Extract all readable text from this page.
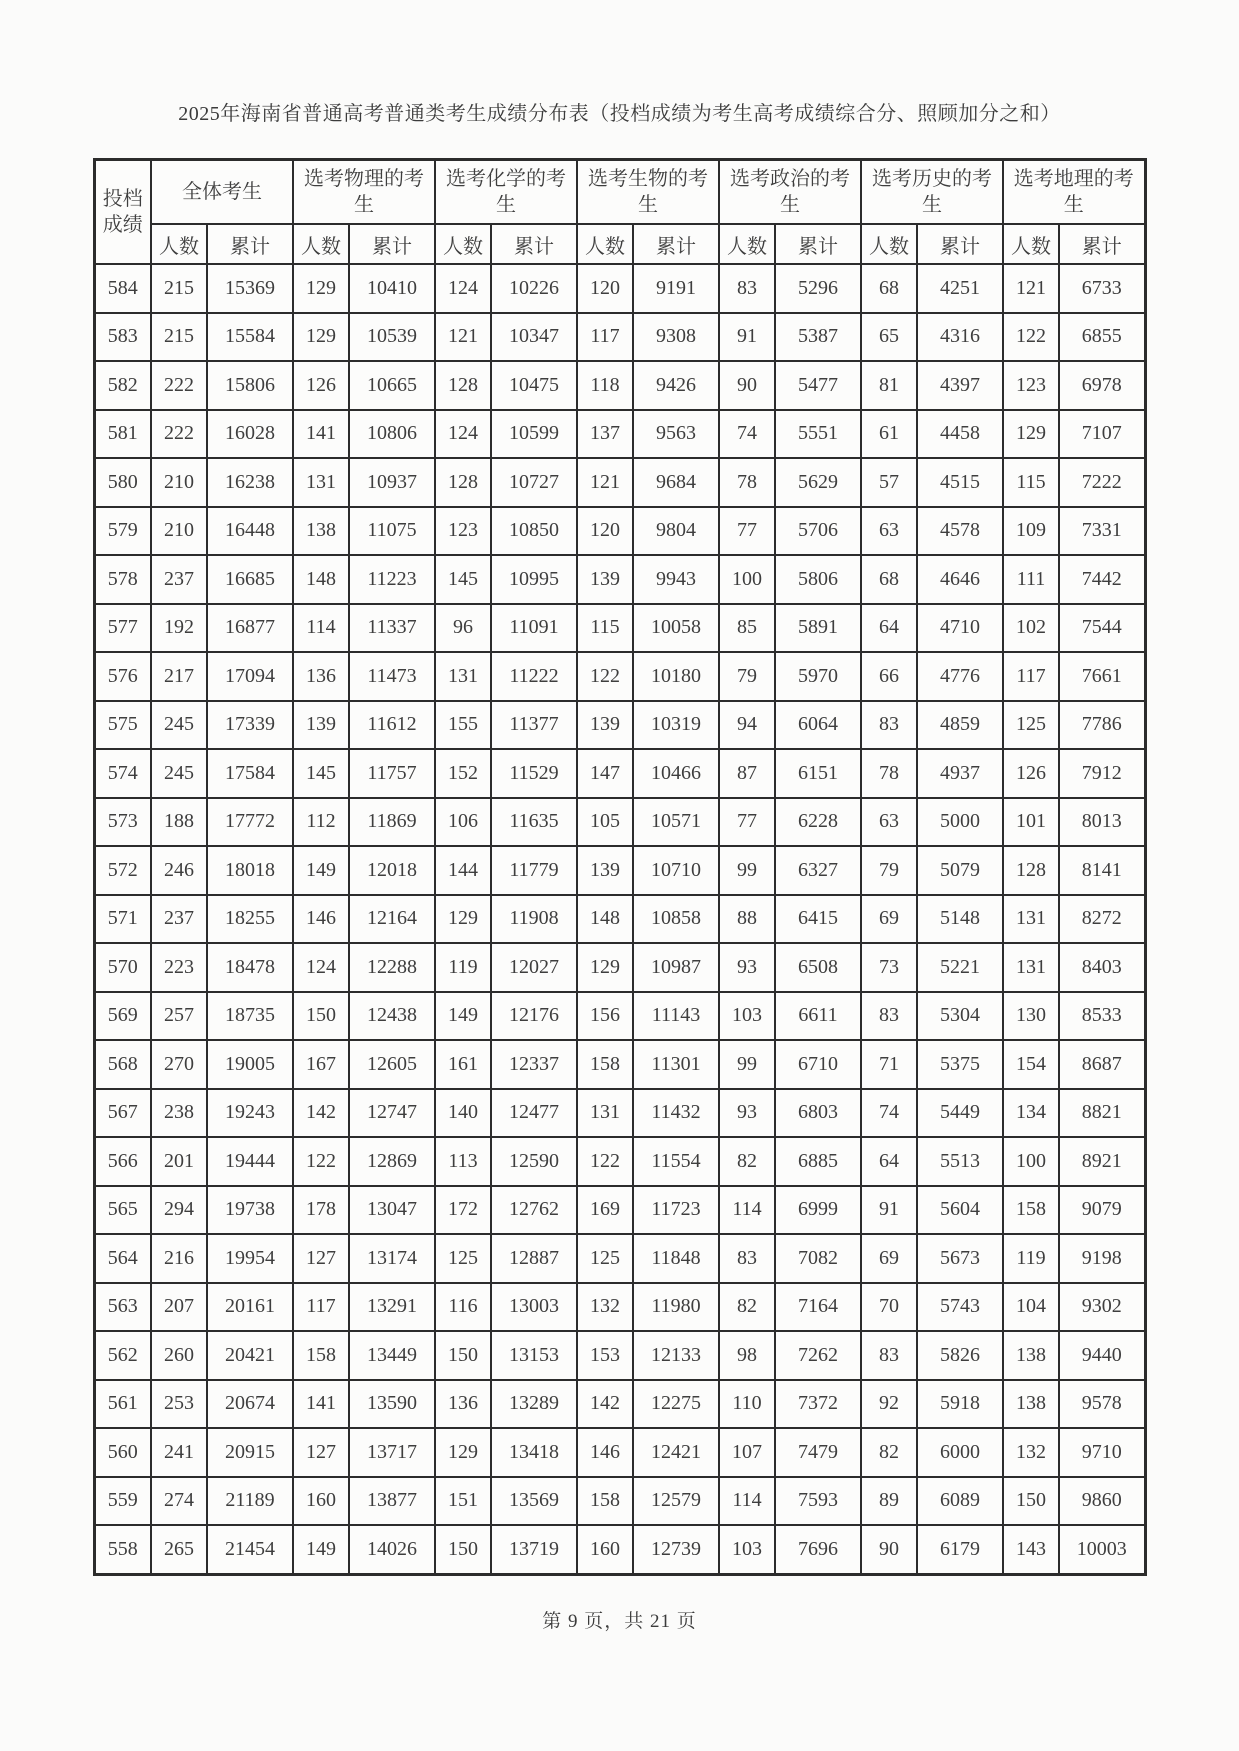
2025年海南省普通高考普通类考生成绩分布表（投档成绩为考生高考成绩综合分、照顾加分之和）
投档成绩	全体考生		选考物理的考生		选考化学的考生		选考生物的考生		选考政治的考生		选考历史的考生		选考地理的考生	
	人数	累计	人数	累计	人数	累计	人数	累计	人数	累计	人数	累计	人数	累计
584	215	15369	129	10410	124	10226	120	9191	83	5296	68	4251	121	6733
583	215	15584	129	10539	121	10347	117	9308	91	5387	65	4316	122	6855
582	222	15806	126	10665	128	10475	118	9426	90	5477	81	4397	123	6978
581	222	16028	141	10806	124	10599	137	9563	74	5551	61	4458	129	7107
580	210	16238	131	10937	128	10727	121	9684	78	5629	57	4515	115	7222
579	210	16448	138	11075	123	10850	120	9804	77	5706	63	4578	109	7331
578	237	16685	148	11223	145	10995	139	9943	100	5806	68	4646	111	7442
577	192	16877	114	11337	96	11091	115	10058	85	5891	64	4710	102	7544
576	217	17094	136	11473	131	11222	122	10180	79	5970	66	4776	117	7661
575	245	17339	139	11612	155	11377	139	10319	94	6064	83	4859	125	7786
574	245	17584	145	11757	152	11529	147	10466	87	6151	78	4937	126	7912
573	188	17772	112	11869	106	11635	105	10571	77	6228	63	5000	101	8013
572	246	18018	149	12018	144	11779	139	10710	99	6327	79	5079	128	8141
571	237	18255	146	12164	129	11908	148	10858	88	6415	69	5148	131	8272
570	223	18478	124	12288	119	12027	129	10987	93	6508	73	5221	131	8403
569	257	18735	150	12438	149	12176	156	11143	103	6611	83	5304	130	8533
568	270	19005	167	12605	161	12337	158	11301	99	6710	71	5375	154	8687
567	238	19243	142	12747	140	12477	131	11432	93	6803	74	5449	134	8821
566	201	19444	122	12869	113	12590	122	11554	82	6885	64	5513	100	8921
565	294	19738	178	13047	172	12762	169	11723	114	6999	91	5604	158	9079
564	216	19954	127	13174	125	12887	125	11848	83	7082	69	5673	119	9198
563	207	20161	117	13291	116	13003	132	11980	82	7164	70	5743	104	9302
562	260	20421	158	13449	150	13153	153	12133	98	7262	83	5826	138	9440
561	253	20674	141	13590	136	13289	142	12275	110	7372	92	5918	138	9578
560	241	20915	127	13717	129	13418	146	12421	107	7479	82	6000	132	9710
559	274	21189	160	13877	151	13569	158	12579	114	7593	89	6089	150	9860
558	265	21454	149	14026	150	13719	160	12739	103	7696	90	6179	143	10003
第 9 页，共 21 页
